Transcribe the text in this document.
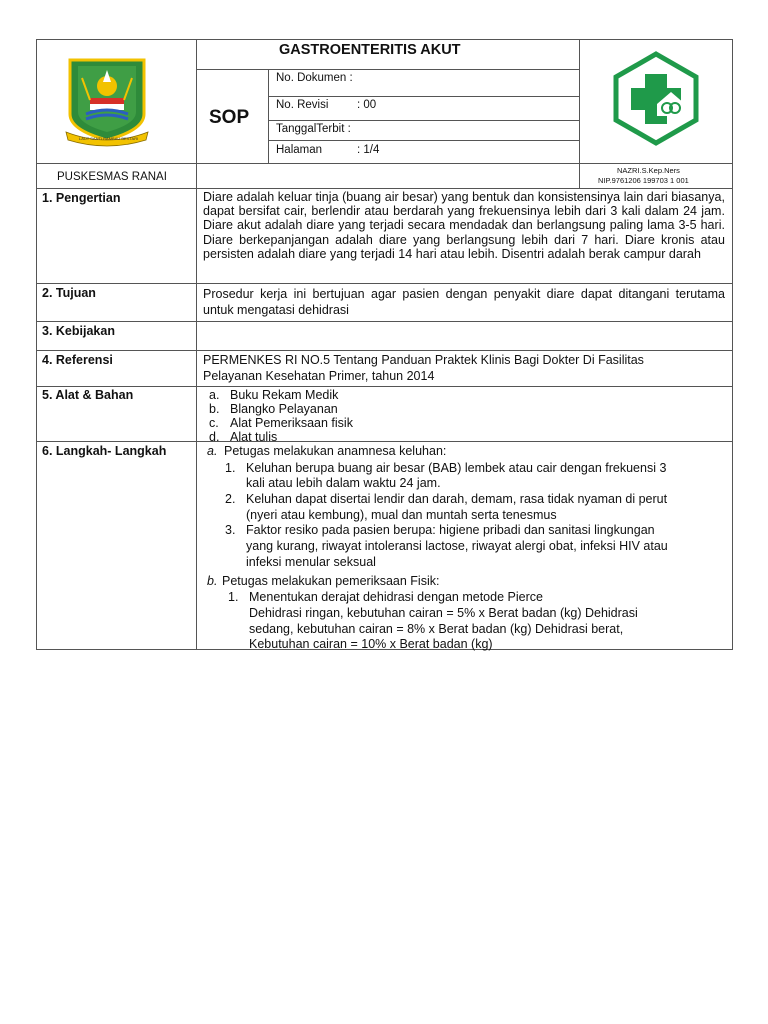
LAUT SANTI RAMBAU BESTARI
GASTROENTERITIS AKUT
SOP
No. Dokumen :
No. Revisi : 00
TanggalTerbit :
Halaman	: 1/4
PUSKESMAS RANAI
NAZRI.S.Kep.Ners
NIP.9761206 199703 1 001
1. Pengertian	Diare adalah keluar tinja (buang air besar) yang bentuk dan konsistensinya lain dari biasanya, dapat bersifat cair, berlendir atau berdarah yang frekuensinya lebih dari 3 kali dalam 24 jam. Diare akut adalah diare yang terjadi secara mendadak dan berlangsung paling lama 3-5 hari. Diare berkepanjangan adalah diare yang berlangsung lebih dari 7 hari. Diare kronis atau persisten adalah diare yang terjadi 14 hari atau lebih. Disentri adalah berak campur darah
2. Tujuan	Prosedur kerja ini bertujuan agar pasien dengan penyakit diare dapat ditangani terutama untuk mengatasi dehidrasi
3. Kebijakan
4. Referensi	PERMENKES RI NO.5 Tentang Panduan Praktek Klinis Bagi Dokter Di Fasilitas
Pelayanan Kesehatan Primer, tahun 2014
5. Alat & Bahan	a. Buku Rekam Medik
b. Blangko Pelayanan
c. Alat Pemeriksaan fisik
d. Alat tulis
6. Langkah- Langkah	a. Petugas melakukan anamnesa keluhan:
1. Keluhan berupa buang air besar (BAB) lembek atau cair dengan frekuensi 3
kali atau lebih dalam waktu 24 jam.
2. Keluhan dapat disertai lendir dan darah, demam, rasa tidak nyaman di perut
(nyeri atau kembung), mual dan muntah serta tenesmus
3. Faktor resiko pada pasien berupa: higiene pribadi dan sanitasi lingkungan
yang kurang, riwayat intoleransi lactose, riwayat alergi obat, infeksi HIV atau
infeksi menular seksual
b. Petugas melakukan pemeriksaan Fisik:
1. Menentukan derajat dehidrasi dengan metode Pierce
Dehidrasi ringan, kebutuhan cairan = 5% x Berat badan (kg) Dehidrasi
sedang, kebutuhan cairan = 8% x Berat badan (kg) Dehidrasi berat,
Kebutuhan cairan = 10% x Berat badan (kg)
